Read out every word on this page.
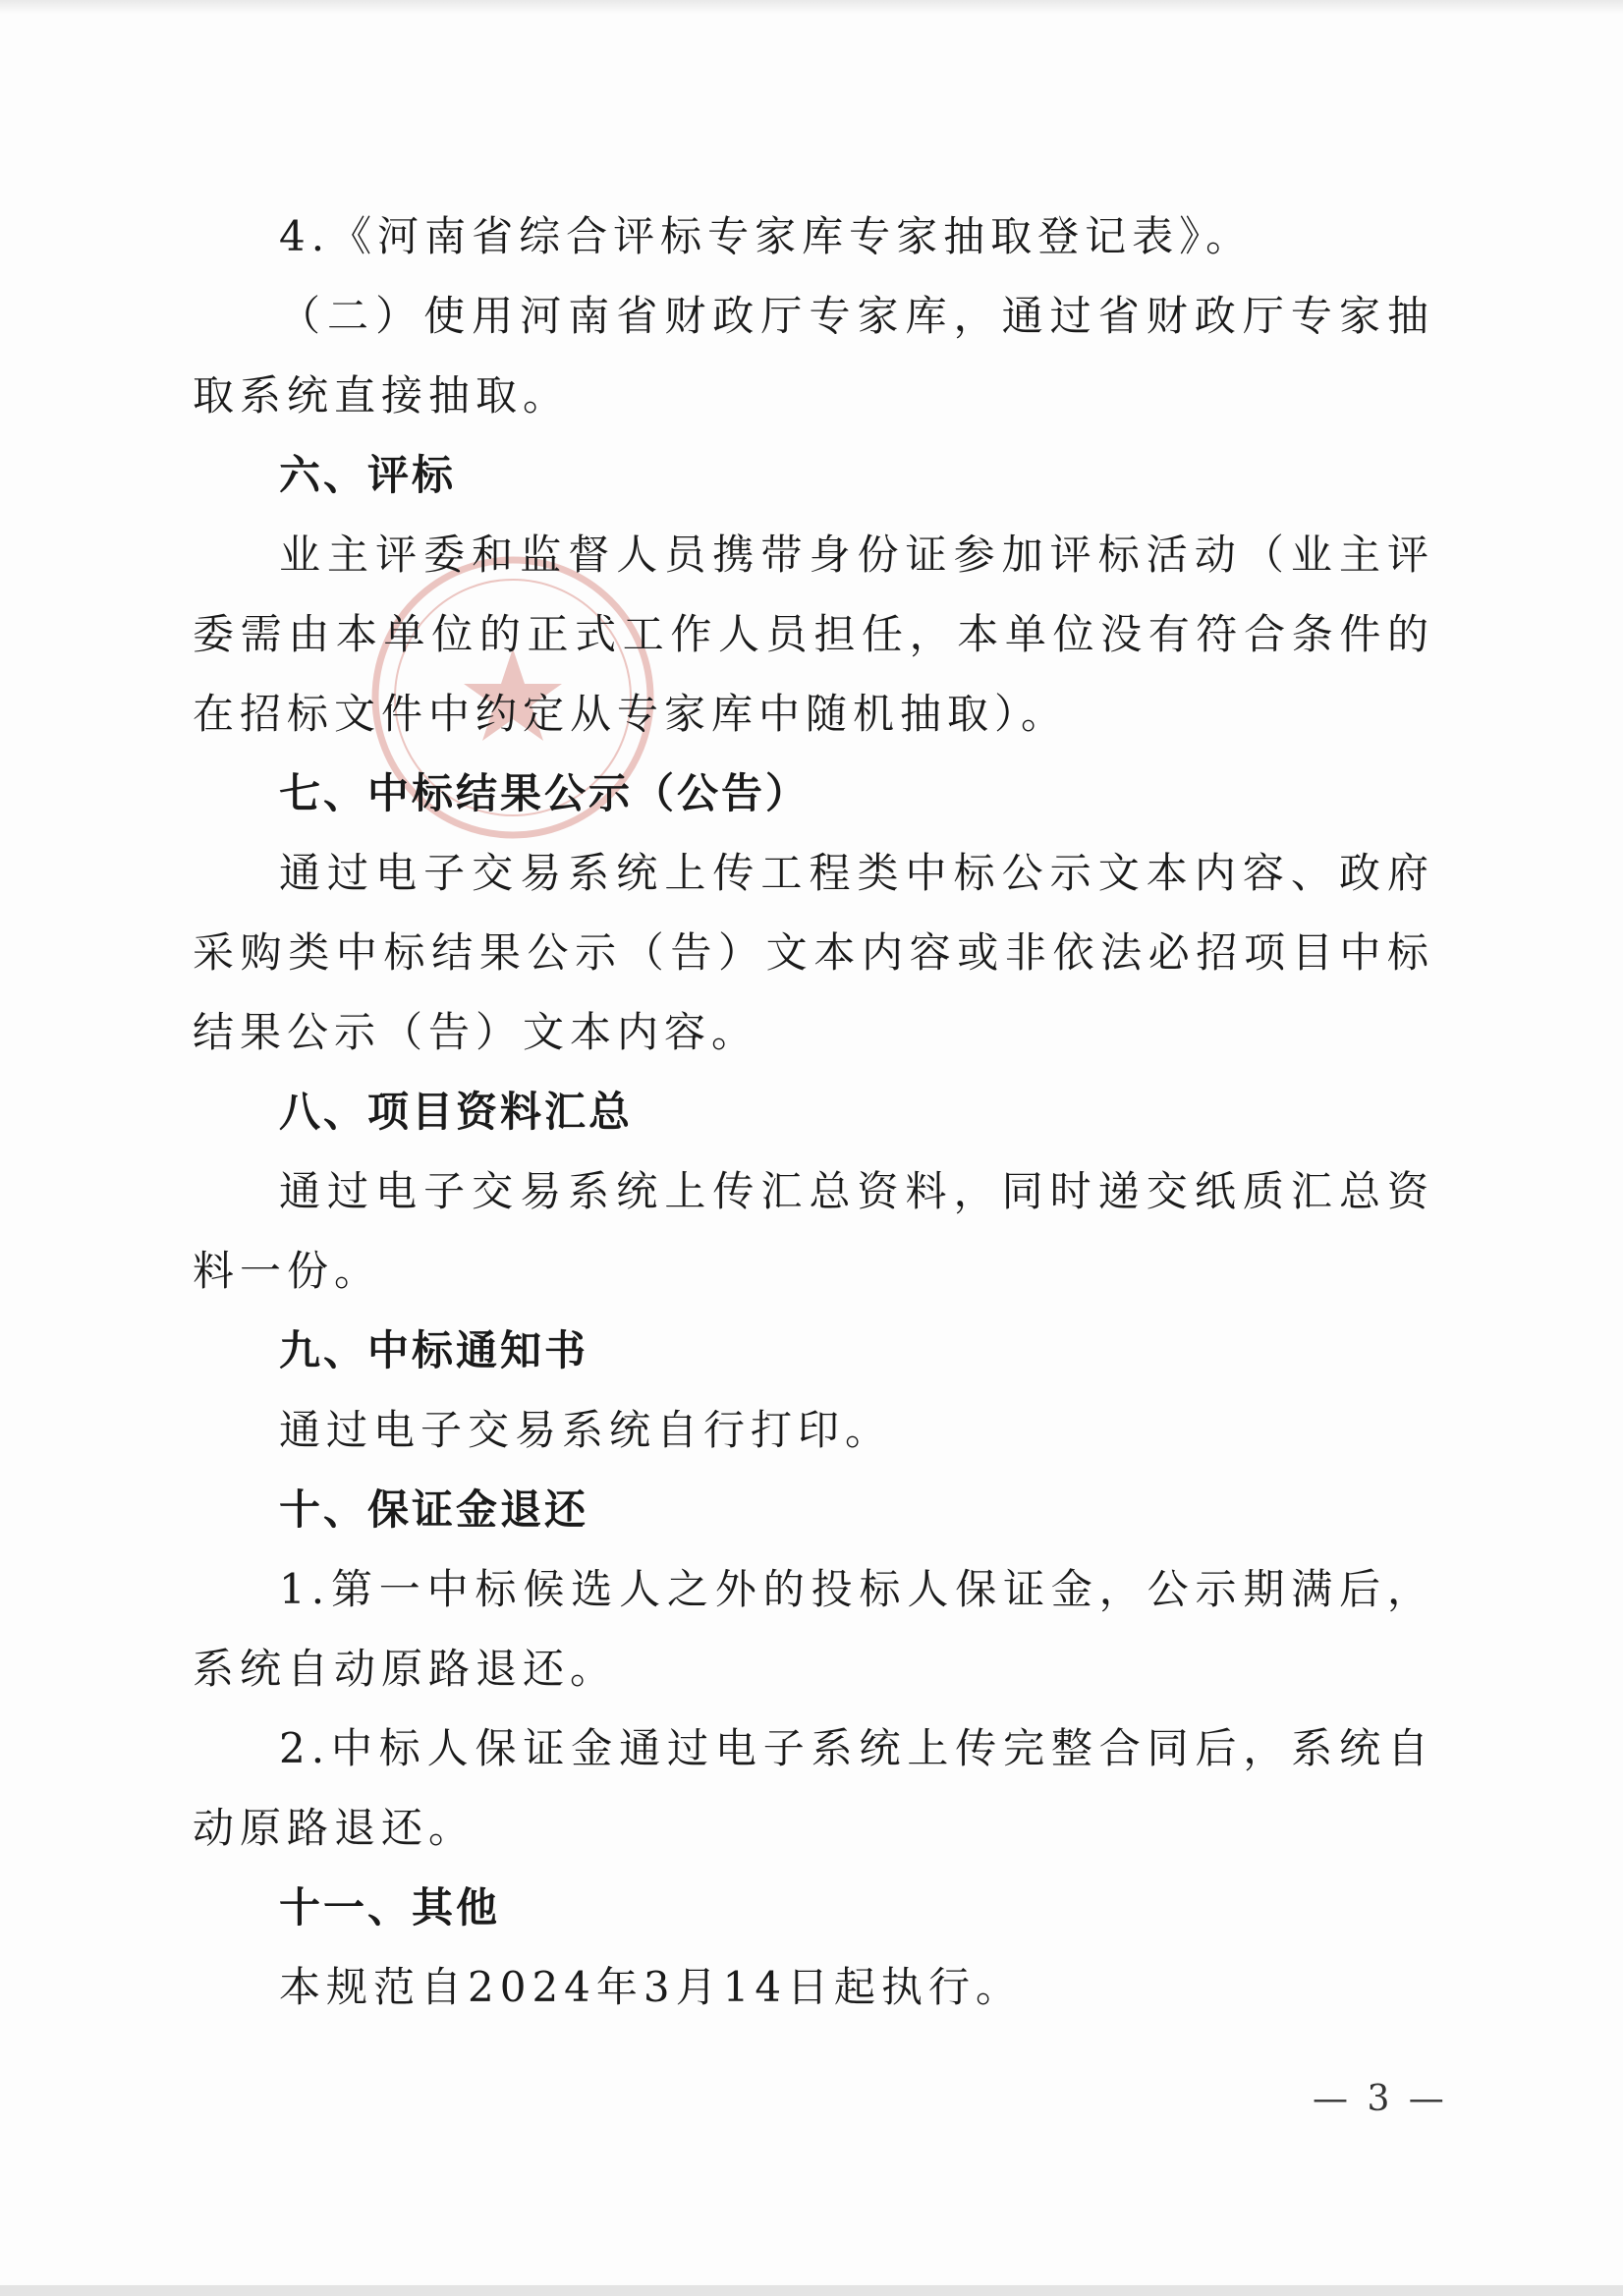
4.《河南省综合评标专家库专家抽取登记表》。

（二）使用河南省财政厅专家库，通过省财政厅专家抽取系统直接抽取。

六、评标

业主评委和监督人员携带身份证参加评标活动（业主评委需由本单位的正式工作人员担任，本单位没有符合条件的在招标文件中约定从专家库中随机抽取）。

七、中标结果公示（公告）

通过电子交易系统上传工程类中标公示文本内容、政府采购类中标结果公示（告）文本内容或非依法必招项目中标结果公示（告）文本内容。

八、项目资料汇总

通过电子交易系统上传汇总资料，同时递交纸质汇总资料一份。

九、中标通知书

通过电子交易系统自行打印。

十、保证金退还

1.第一中标候选人之外的投标人保证金，公示期满后，系统自动原路退还。

2.中标人保证金通过电子系统上传完整合同后，系统自动原路退还。

十一、其他

本规范自2024年3月14日起执行。

— 3 —
